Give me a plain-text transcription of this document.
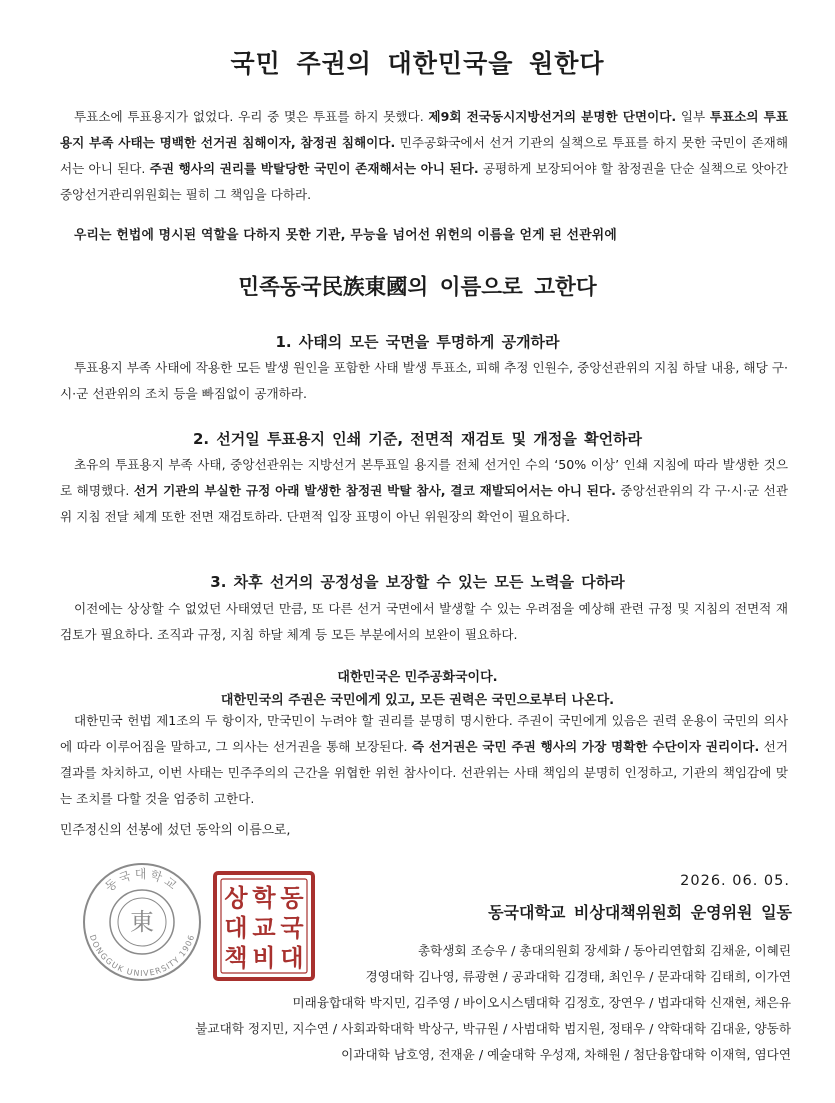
국민 주권의 대한민국을 원한다
투표소에 투표용지가 없었다. 우리 중 몇은 투표를 하지 못했다. 제9회 전국동시지방선거의 분명한 단면이다. 일부 투표소의 투표용지 부족 사태는 명백한 선거권 침해이자, 참정권 침해이다. 민주공화국에서 선거 기관의 실책으로 투표를 하지 못한 국민이 존재해서는 아니 된다. 주권 행사의 권리를 박탈당한 국민이 존재해서는 아니 된다. 공평하게 보장되어야 할 참정권을 단순 실책으로 앗아간 중앙선거관리위원회는 필히 그 책임을 다하라.
우리는 헌법에 명시된 역할을 다하지 못한 기관, 무능을 넘어선 위헌의 이름을 얻게 된 선관위에
민족동국民族東國의 이름으로 고한다
1. 사태의 모든 국면을 투명하게 공개하라
투표용지 부족 사태에 작용한 모든 발생 원인을 포함한 사태 발생 투표소, 피해 추정 인원수, 중앙선관위의 지침 하달 내용, 해당 구·시·군 선관위의 조치 등을 빠짐없이 공개하라.
2. 선거일 투표용지 인쇄 기준, 전면적 재검토 및 개정을 확언하라
초유의 투표용지 부족 사태, 중앙선관위는 지방선거 본투표일 용지를 전체 선거인 수의 ‘50% 이상’ 인쇄 지침에 따라 발생한 것으로 해명했다. 선거 기관의 부실한 규정 아래 발생한 참정권 박탈 참사, 결코 재발되어서는 아니 된다. 중앙선관위의 각 구·시·군 선관위 지침 전달 체계 또한 전면 재검토하라. 단편적 입장 표명이 아닌 위원장의 확언이 필요하다.
3. 차후 선거의 공정성을 보장할 수 있는 모든 노력을 다하라
이전에는 상상할 수 없었던 사태였던 만큼, 또 다른 선거 국면에서 발생할 수 있는 우려점을 예상해 관련 규정 및 지침의 전면적 재검토가 필요하다. 조직과 규정, 지침 하달 체계 등 모든 부분에서의 보완이 필요하다.
대한민국은 민주공화국이다.
대한민국의 주권은 국민에게 있고, 모든 권력은 국민으로부터 나온다.
대한민국 헌법 제1조의 두 항이자, 만국민이 누려야 할 권리를 분명히 명시한다. 주권이 국민에게 있음은 권력 운용이 국민의 의사에 따라 이루어짐을 말하고, 그 의사는 선거권을 통해 보장된다. 즉 선거권은 국민 주권 행사의 가장 명확한 수단이자 권리이다. 선거 결과를 차치하고, 이번 사태는 민주주의의 근간을 위협한 위헌 참사이다. 선관위는 사태 책임의 분명히 인정하고, 기관의 책임감에 맞는 조치를 다할 것을 엄중히 고한다.
민주정신의 선봉에 섰던 동악의 이름으로,
동국대학교
DONGGUK UNIVERSITY 1906
東
동
국
대
학
교
비
상
대
책
2026. 06. 05.
동국대학교 비상대책위원회 운영위원 일동
총학생회 조승우 / 총대의원회 장세화 / 동아리연합회 김채윤, 이혜린
경영대학 김나영, 류광현 / 공과대학 김경태, 최인우 / 문과대학 김태희, 이가연
미래융합대학 박지민, 김주영 / 바이오시스템대학 김정호, 장연우 / 법과대학 신재현, 채은유
불교대학 정지민, 지수연 / 사회과학대학 박상구, 박규원 / 사범대학 범지원, 정태우 / 약학대학 김대윤, 양동하
이과대학 남호영, 전재윤 / 예술대학 우성재, 차해원 / 첨단융합대학 이재혁, 염다연
